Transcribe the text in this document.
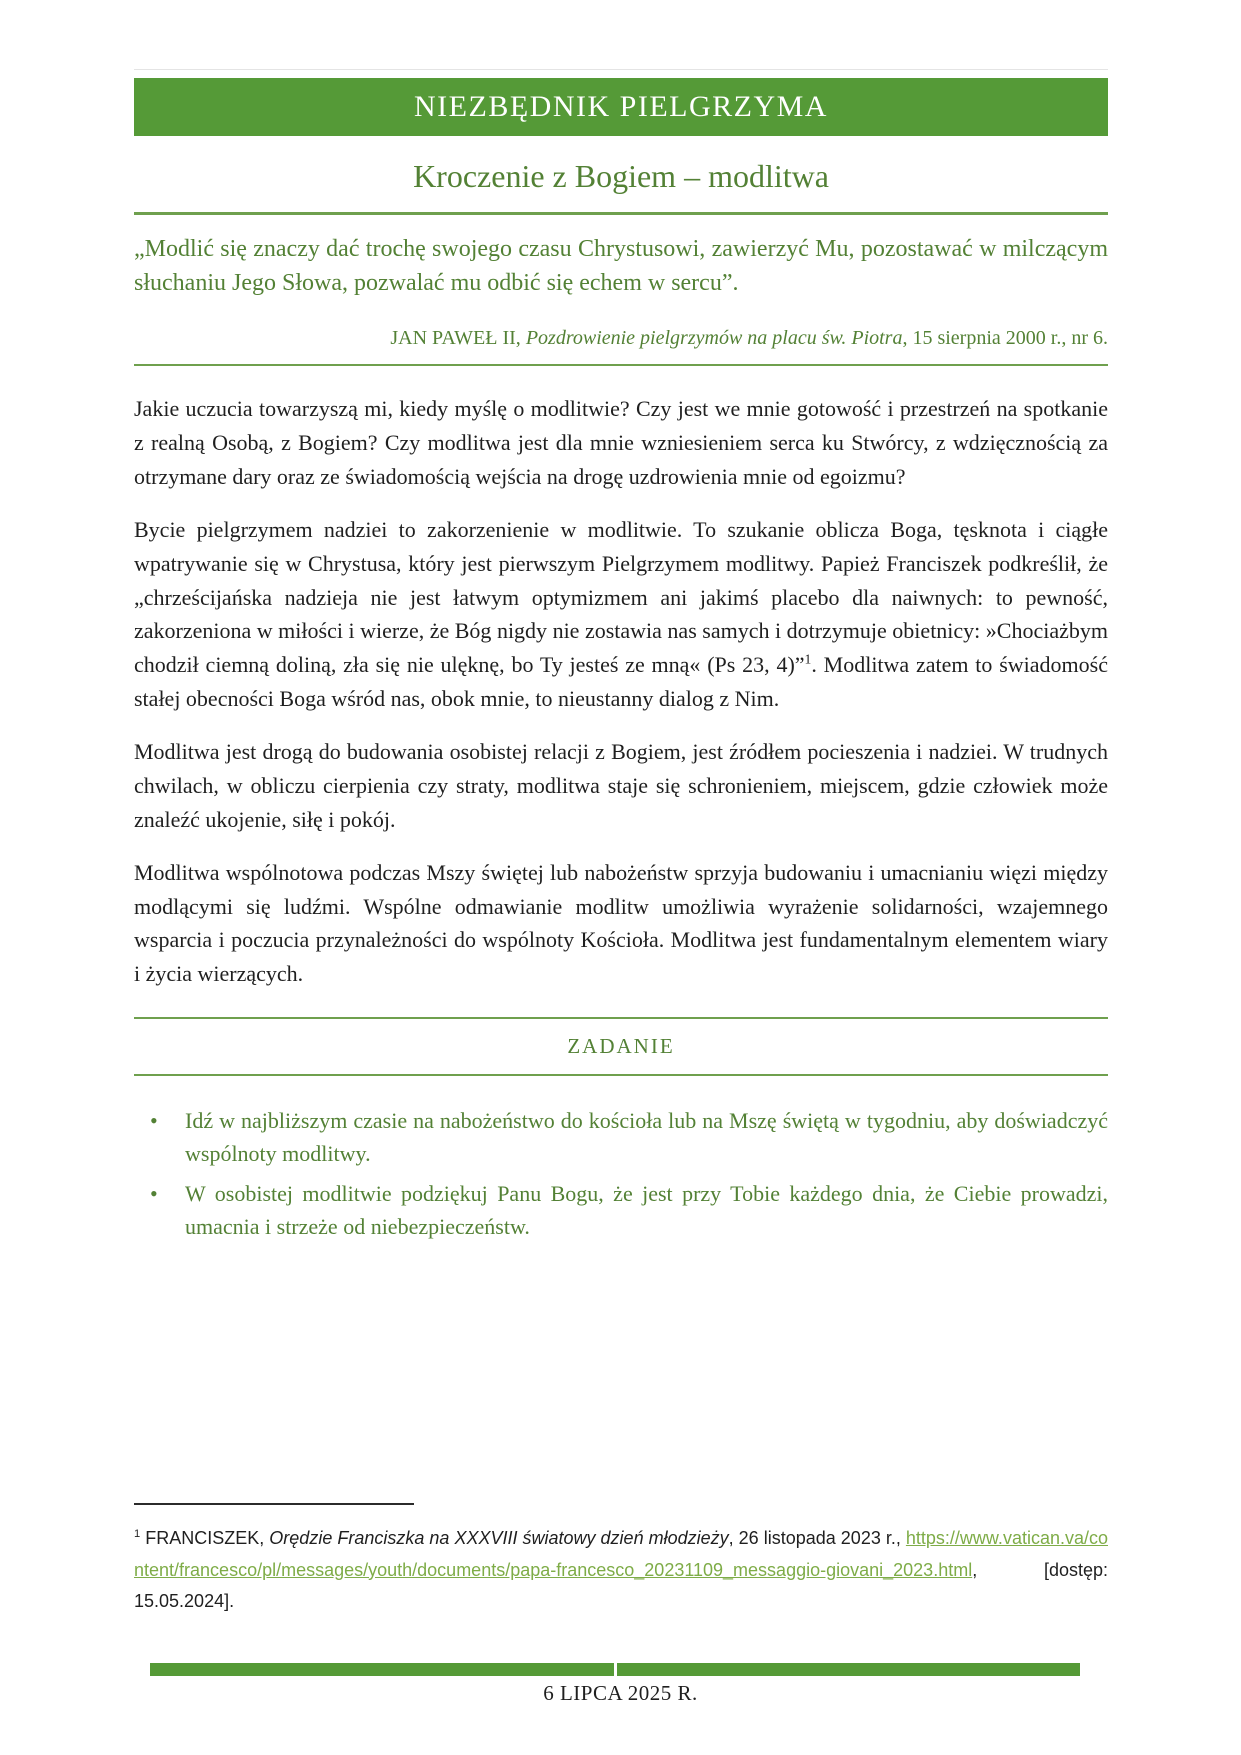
NIEZBĘDNIK PIELGRZYMA
Kroczenie z Bogiem – modlitwa

„Modlić się znaczy dać trochę swojego czasu Chrystusowi, zawierzyć Mu, pozostawać w milczącym słuchaniu Jego Słowa, pozwalać mu odbić się echem w sercu”.

JAN PAWEŁ II, Pozdrowienie pielgrzymów na placu św. Piotra, 15 sierpnia 2000 r., nr 6.

Jakie uczucia towarzyszą mi, kiedy myślę o modlitwie? Czy jest we mnie gotowość i przestrzeń na spotkanie z realną Osobą, z Bogiem? Czy modlitwa jest dla mnie wzniesieniem serca ku Stwórcy, z wdzięcznością za otrzymane dary oraz ze świadomością wejścia na drogę uzdrowienia mnie od egoizmu?

Bycie pielgrzymem nadziei to zakorzenienie w modlitwie. To szukanie oblicza Boga, tęsknota i ciągłe wpatrywanie się w Chrystusa, który jest pierwszym Pielgrzymem modlitwy. Papież Franciszek podkreślił, że „chrześcijańska nadzieja nie jest łatwym optymizmem ani jakimś placebo dla naiwnych: to pewność, zakorzeniona w miłości i wierze, że Bóg nigdy nie zostawia nas samych i dotrzymuje obietnicy: »Chociażbym chodził ciemną doliną, zła się nie ulęknę, bo Ty jesteś ze mną« (Ps 23, 4)”$^1$. Modlitwa zatem to świadomość stałej obecności Boga wśród nas, obok mnie, to nieustanny dialog z Nim.

Modlitwa jest drogą do budowania osobistej relacji z Bogiem, jest źródłem pocieszenia i nadziei. W trudnych chwilach, w obliczu cierpienia czy straty, modlitwa staje się schronieniem, miejscem, gdzie człowiek może znaleźć ukojenie, siłę i pokój.

Modlitwa wspólnotowa podczas Mszy świętej lub nabożeństw sprzyja budowaniu i umacnianiu więzi między modlącymi się ludźmi. Wspólne odmawianie modlitw umożliwia wyrażenie solidarności, wzajemnego wsparcia i poczucia przynależności do wspólnoty Kościoła. Modlitwa jest fundamentalnym elementem wiary i życia wierzących.

ZADANIE
• Idź w najbliższym czasie na nabożeństwo do kościoła lub na Mszę świętą w tygodniu, aby doświadczyć wspólnoty modlitwy.
• W osobistej modlitwie podziękuj Panu Bogu, że jest przy Tobie każdego dnia, że Ciebie prowadzi, umacnia i strzeże od niebezpieczeństw.

$^1$ FRANCISZEK, Orędzie Franciszka na XXXVIII światowy dzień młodzieży, 26 listopada 2023 r., https://www.vatican.va/content/francesco/pl/messages/youth/documents/papa-francesco_20231109_messaggio-giovani_2023.html, [dostęp: 15.05.2024].

6 LIPCA 2025 R.
